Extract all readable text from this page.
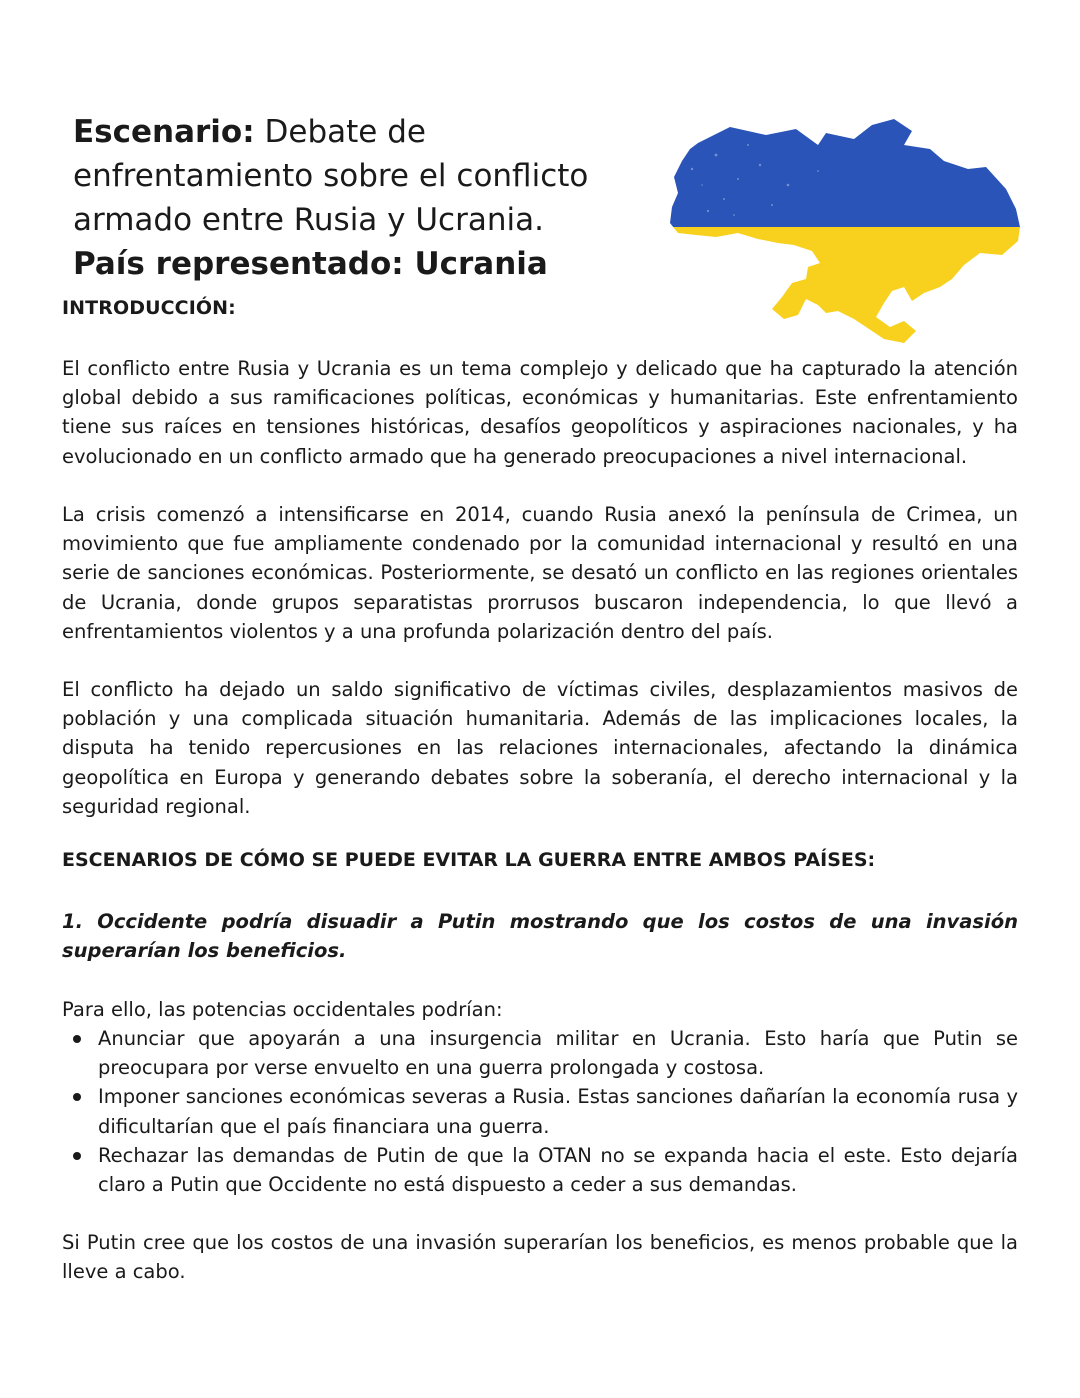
Escenario: Debate de enfrentamiento sobre el conflicto armado entre Rusia y Ucrania.
País representado: Ucrania
INTRODUCCIÓN:

El conflicto entre Rusia y Ucrania es un tema complejo y delicado que ha capturado la atención global debido a sus ramificaciones políticas, económicas y humanitarias. Este enfrentamiento tiene sus raíces en tensiones históricas, desafíos geopolíticos y aspiraciones nacionales, y ha evolucionado en un conflicto armado que ha generado preocupaciones a nivel internacional.

La crisis comenzó a intensificarse en 2014, cuando Rusia anexó la península de Crimea, un movimiento que fue ampliamente condenado por la comunidad internacional y resultó en una serie de sanciones económicas. Posteriormente, se desató un conflicto en las regiones orientales de Ucrania, donde grupos separatistas prorrusos buscaron independencia, lo que llevó a enfrentamientos violentos y a una profunda polarización dentro del país.

El conflicto ha dejado un saldo significativo de víctimas civiles, desplazamientos masivos de población y una complicada situación humanitaria. Además de las implicaciones locales, la disputa ha tenido repercusiones en las relaciones internacionales, afectando la dinámica geopolítica en Europa y generando debates sobre la soberanía, el derecho internacional y la seguridad regional.

ESCENARIOS DE CÓMO SE PUEDE EVITAR LA GUERRA ENTRE AMBOS PAÍSES:
1. Occidente podría disuadir a Putin mostrando que los costos de una invasión superarían los beneficios.
Para ello, las potencias occidentales podrían:
Anunciar que apoyarán a una insurgencia militar en Ucrania. Esto haría que Putin se preocupara por verse envuelto en una guerra prolongada y costosa.
Imponer sanciones económicas severas a Rusia. Estas sanciones dañarían la economía rusa y dificultarían que el país financiara una guerra.
Rechazar las demandas de Putin de que la OTAN no se expanda hacia el este. Esto dejaría claro a Putin que Occidente no está dispuesto a ceder a sus demandas.
Si Putin cree que los costos de una invasión superarían los beneficios, es menos probable que la lleve a cabo.
